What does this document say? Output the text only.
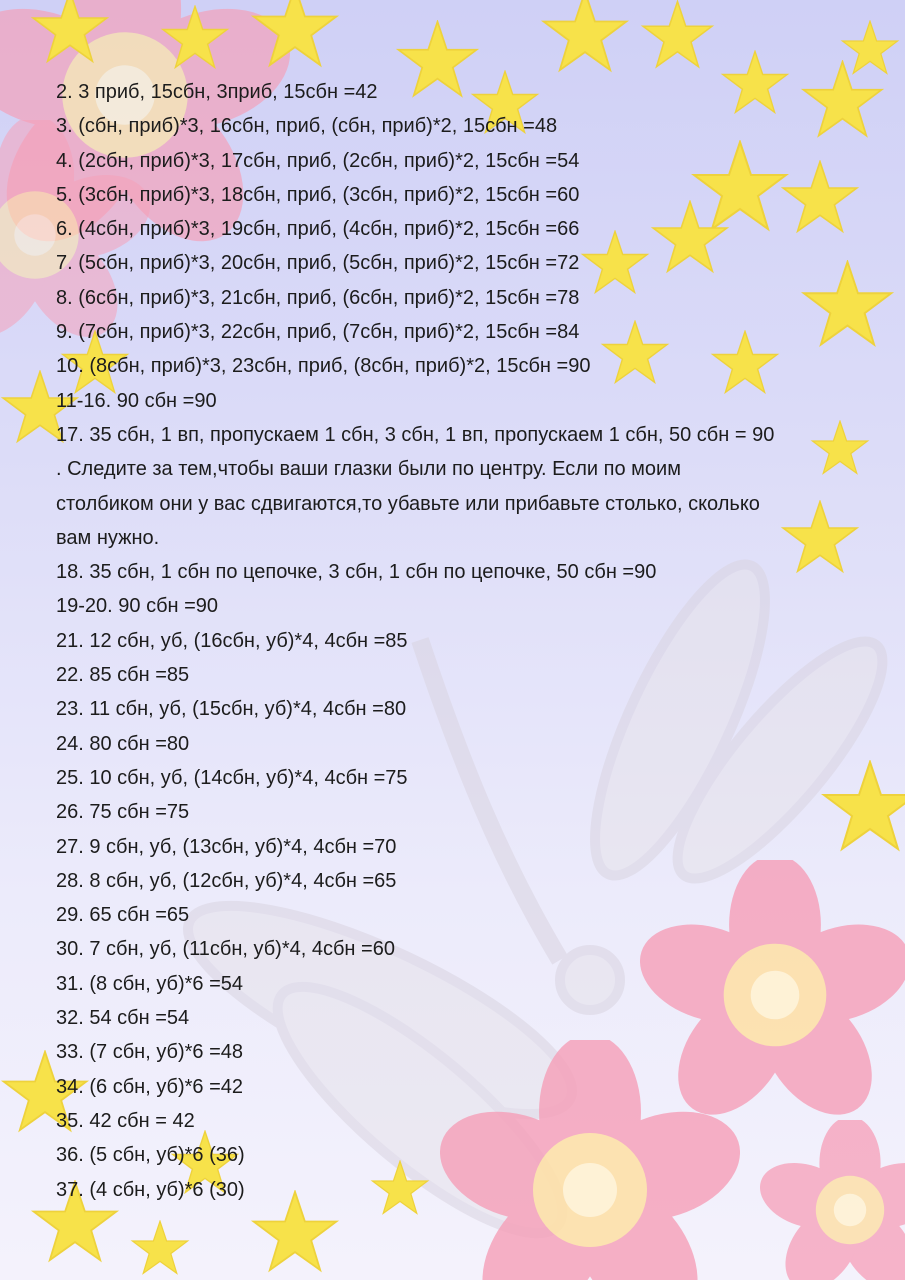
2. 3 приб, 15сбн, 3приб, 15сбн =42
3. (сбн, приб)*3, 16сбн, приб, (сбн, приб)*2, 15сбн =48
4. (2сбн, приб)*3, 17сбн, приб, (2сбн, приб)*2, 15сбн =54
5. (3сбн, приб)*3, 18сбн, приб, (3сбн, приб)*2, 15сбн =60
6. (4сбн, приб)*3, 19сбн, приб, (4сбн, приб)*2, 15сбн =66
7. (5сбн, приб)*3, 20сбн, приб, (5сбн, приб)*2, 15сбн =72
8. (6сбн, приб)*3, 21сбн, приб, (6сбн, приб)*2, 15сбн =78
9. (7сбн, приб)*3, 22сбн, приб, (7сбн, приб)*2, 15сбн =84
10. (8сбн, приб)*3, 23сбн, приб, (8сбн, приб)*2, 15сбн =90
11-16. 90 сбн =90
17. 35 сбн, 1 вп, пропускаем 1 сбн, 3 сбн, 1 вп, пропускаем 1 сбн, 50 сбн = 90
. Следите за тем,чтобы ваши глазки были по центру. Если по моим
столбиком они у вас сдвигаются,то убавьте или прибавьте столько, сколько
вам нужно.
18. 35 сбн, 1 сбн по цепочке, 3 сбн, 1 сбн по цепочке, 50 сбн =90
19-20. 90 сбн =90
21. 12 сбн, уб, (16сбн, уб)*4, 4сбн =85
22. 85 сбн =85
23. 11 сбн, уб, (15сбн, уб)*4, 4сбн =80
24. 80 сбн =80
25. 10 сбн, уб, (14сбн, уб)*4, 4сбн =75
26. 75 сбн =75
27. 9 сбн, уб, (13сбн, уб)*4, 4сбн =70
28. 8 сбн, уб, (12сбн, уб)*4, 4сбн =65
29. 65 сбн =65
30. 7 сбн, уб, (11сбн, уб)*4, 4сбн =60
31. (8 сбн, уб)*6 =54
32. 54 сбн =54
33. (7 сбн, уб)*6 =48
34. (6 сбн, уб)*6 =42
35. 42 сбн = 42
36. (5 сбн, уб)*6 (36)
37. (4 сбн, уб)*6 (30)
